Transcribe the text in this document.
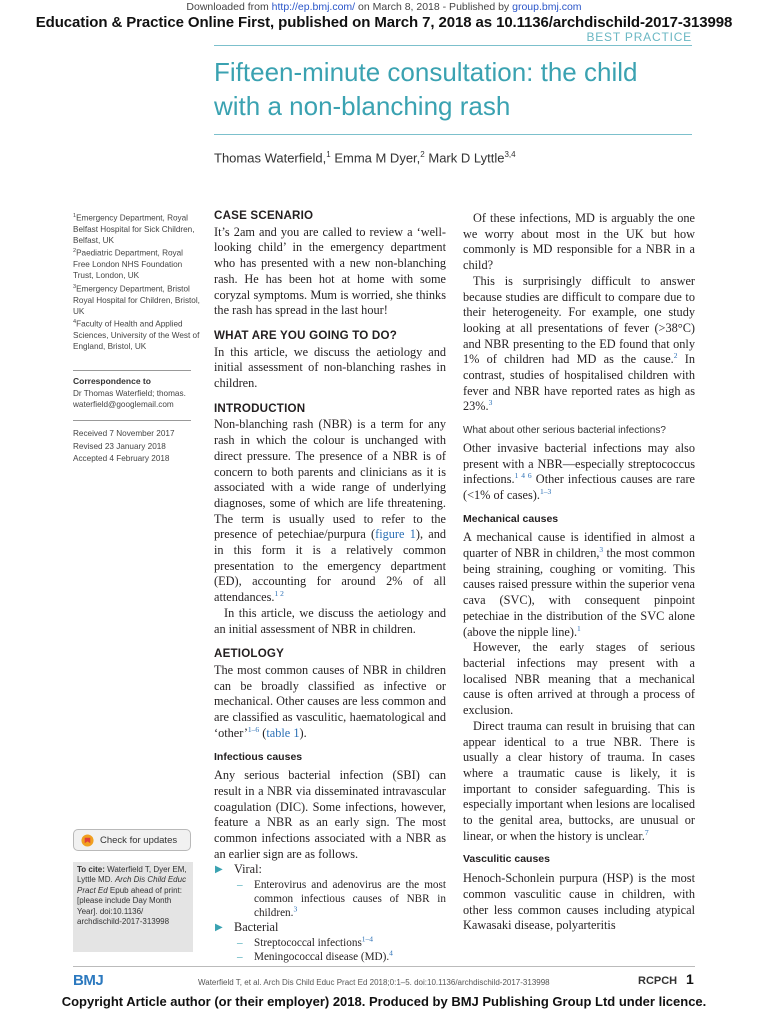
Downloaded from http://ep.bmj.com/ on March 8, 2018 - Published by group.bmj.com
Education & Practice Online First, published on March 7, 2018 as 10.1136/archdischild-2017-313998
BEST PRACTICE
Fifteen-minute consultation: the child with a non-blanching rash
Thomas Waterfield,$^1$ Emma M Dyer,$^2$ Mark D Lyttle$^{3,4}$

$^1$Emergency Department, Royal Belfast Hospital for Sick Children, Belfast, UK

$^2$Paediatric Department, Royal Free London NHS Foundation Trust, London, UK

$^3$Emergency Department, Bristol Royal Hospital for Children, Bristol, UK

$^4$Faculty of Health and Applied Sciences, University of the West of England, Bristol, UK

Correspondence to
Dr Thomas Waterfield; thomas. waterfield@googlemail.com
Received 7 November 2017
Revised 23 January 2018
Accepted 4 February 2018
Check for updates
To cite: Waterfield T, Dyer EM, Lyttle MD. Arch Dis Child Educ Pract Ed Epub ahead of print: [please include Day Month Year]. doi:10.1136/ archdischild-2017-313998
CASE SCENARIO

It’s 2am and you are called to review a ‘well-looking child’ in the emergency department who has presented with a new non-blanching rash. He has been hot at home with some coryzal symptoms. Mum is worried, she thinks the rash has spread in the last hour!

WHAT ARE YOU GOING TO DO?

In this article, we discuss the aetiology and initial assessment of non-blanching rashes in children.

INTRODUCTION

Non-blanching rash (NBR) is a term for any rash in which the colour is unchanged with direct pressure. The presence of a NBR is of concern to both parents and clinicians as it is associated with a wide range of underlying diagnoses, some of which are life threatening. The term is usually used to refer to the presence of petechiae/purpura (figure 1), and in this form it is a relatively common presentation to the emergency department (ED), accounting for around 2% of all attendances.$^{1 2}$

In this article, we discuss the aetiology and an initial assessment of NBR in children.

AETIOLOGY

The most common causes of NBR in children can be broadly classified as infective or mechanical. Other causes are less common and are classified as vasculitic, haematological and ‘other’$^{1-6}$ (table 1).

Infectious causes

Any serious bacterial infection (SBI) can result in a NBR via disseminated intravascular coagulation (DIC). Some infections, however, feature a NBR as an early sign. The most common infections associated with a NBR as an earlier sign are as follows.

▶ Viral:
– Enterovirus and adenovirus are the most common infectious causes of NBR in children.$^3$
▶ Bacterial
– Streptococcal infections$^{1-4}$
– Meningococcal disease (MD).$^4$

Of these infections, MD is arguably the one we worry about most in the UK but how commonly is MD responsible for a NBR in a child?

This is surprisingly difficult to answer because studies are difficult to compare due to their heterogeneity. For example, one study looking at all presentations of fever (>38°C) and NBR presenting to the ED found that only 1% of children had MD as the cause.$^2$ In contrast, studies of hospitalised children with fever and NBR have reported rates as high as 23%.$^3$

What about other serious bacterial infections?

Other invasive bacterial infections may also present with a NBR—especially streptococcus infections.$^{1 4 6}$ Other infectious causes are rare (<1% of cases).$^{1-3}$

Mechanical causes

A mechanical cause is identified in almost a quarter of NBR in children,$^3$ the most common being straining, coughing or vomiting. This causes raised pressure within the superior vena cava (SVC), with consequent pinpoint petechiae in the distribution of the SVC alone (above the nipple line).$^1$

However, the early stages of serious bacterial infections may present with a localised NBR meaning that a mechanical cause is often arrived at through a process of exclusion.

Direct trauma can result in bruising that can appear identical to a true NBR. There is usually a clear history of trauma. In cases where a traumatic cause is likely, it is important to consider safeguarding. This is especially important when lesions are localised to the genital area, buttocks, are unusual or linear, or when the history is unclear.$^7$

Vasculitic causes

Henoch-Schonlein purpura (HSP) is the most common vasculitic cause in children, with other less common causes including atypical Kawasaki disease, polyarteritis

BMJ	Waterfield T, et al. Arch Dis Child Educ Pract Ed 2018;0:1–5. doi:10.1136/archdischild-2017-313998	RCPCH 1
Copyright Article author (or their employer) 2018. Produced by BMJ Publishing Group Ltd under licence.
